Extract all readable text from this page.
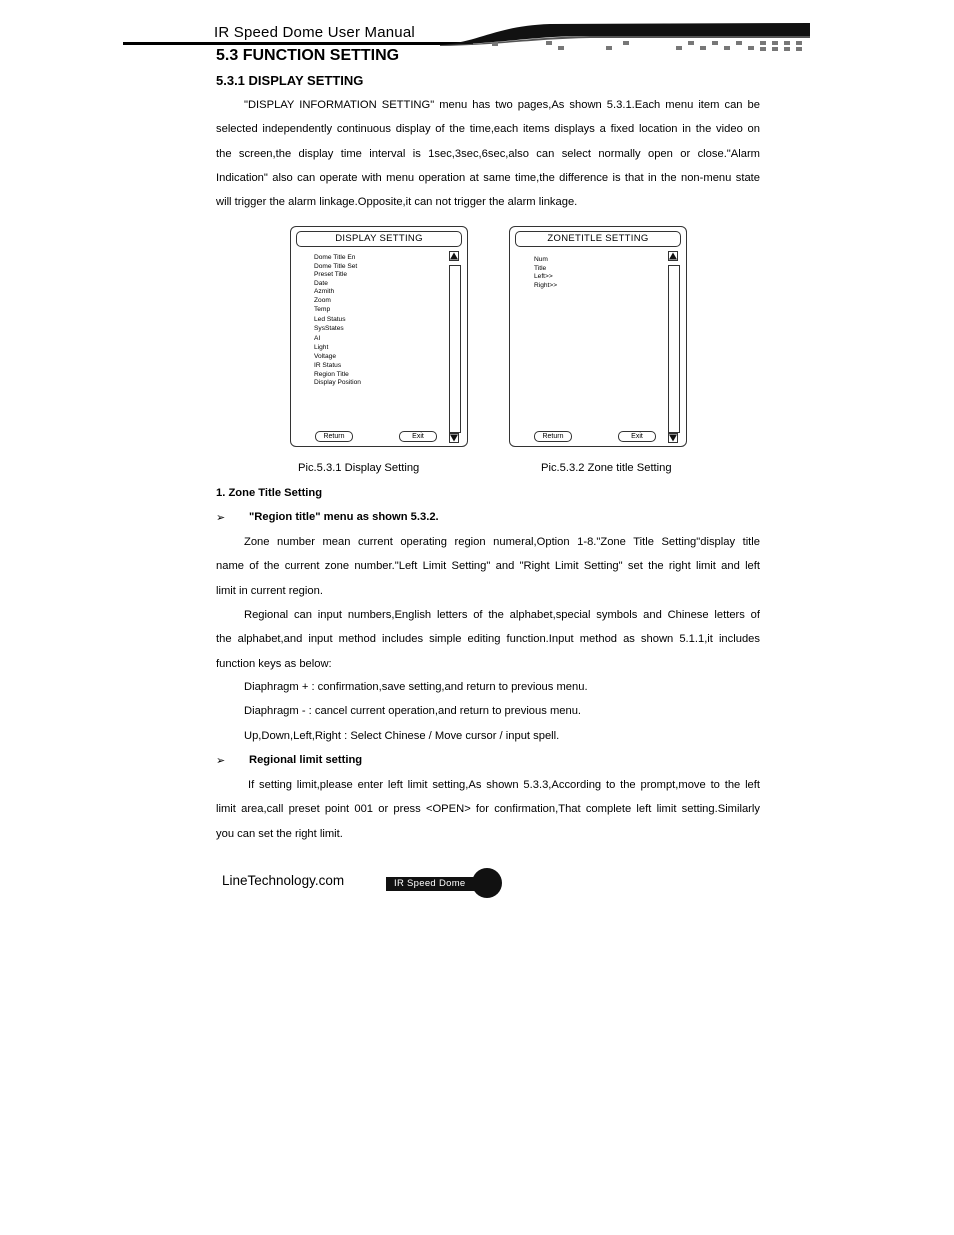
IR Speed Dome User Manual
5.3 FUNCTION SETTING
5.3.1 DISPLAY SETTING
"DISPLAY INFORMATION SETTING" menu has two pages,As shown 5.3.1.Each menu item can be
selected independently continuous display of the time,each items displays a fixed location in the video on
the screen,the display time interval is 1sec,3sec,6sec,also can select normally open or close."Alarm
Indication" also can operate with menu operation at same time,the difference is that in the non-menu state
will trigger the alarm linkage.Opposite,it can not trigger the alarm linkage.
DISPLAY SETTING
Dome Title En
Dome Title Set
Preset Title
Date
Azmith
Zoom
Temp
Led Status
SysStates
AI
Light
Voltage
IR Status
Region Title
Display Position
Return	Exit
ZONETITLE SETTING
Num
Title
Left>>
Right>>
Return	Exit
Pic.5.3.1 Display Setting	Pic.5.3.2 Zone title Setting
1. Zone Title Setting
➢ "Region title" menu as shown 5.3.2.
Zone number mean current operating region numeral,Option 1-8."Zone Title Setting"display title
name of the current zone number."Left Limit Setting" and "Right Limit Setting" set the right limit and left
limit in current region.
Regional can input numbers,English letters of the alphabet,special symbols and Chinese letters of
the alphabet,and input method includes simple editing function.Input method as shown 5.1.1,it includes
function keys as below:
Diaphragm + : confirmation,save setting,and return to previous menu.
Diaphragm - : cancel current operation,and return to previous menu.
Up,Down,Left,Right : Select Chinese / Move cursor / input spell.
➢ Regional limit setting
If setting limit,please enter left limit setting,As shown 5.3.3,According to the prompt,move to the left
limit area,call preset point 001 or press <OPEN> for confirmation,That complete left limit setting.Similarly
you can set the right limit.
LineTechnology.com	IR Speed Dome
